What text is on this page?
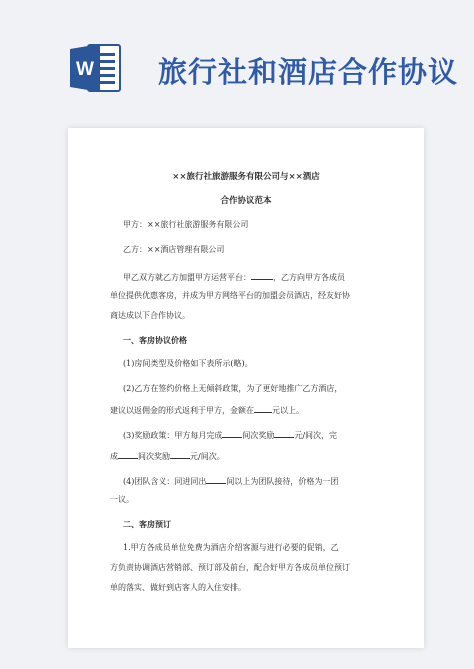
W 旅行社和酒店合作协议
××旅行社旅游服务有限公司与××酒店
合作协议范本
甲方：××旅行社旅游服务有限公司
乙方：××酒店管理有限公司
甲乙双方就乙方加盟甲方运营平台：	，乙方向甲方各成员
单位提供优惠客房，并成为甲方网络平台的加盟会员酒店，经友好协
商达成以下合作协议。
一、客房协议价格
(1)房间类型及价格如下表所示(略)。
(2)乙方在签约价格上无倾斜政策，为了更好地推广乙方酒店，
建议以返佣金的形式返利于甲方，金额在 元以上。
(3)奖励政策：甲方每月完成	间次奖励	元/间次，完
成	间次奖励	元/间次。
(4)团队含义：同进同出	间以上为团队接待，价格为一团
一议。
二、客房预订
1.甲方各成员单位免费为酒店介绍客源与进行必要的促销，乙
方负责协调酒店营销部、预订部及前台，配合好甲方各成员单位预订
单的落实、做好到店客人的入住安排。
